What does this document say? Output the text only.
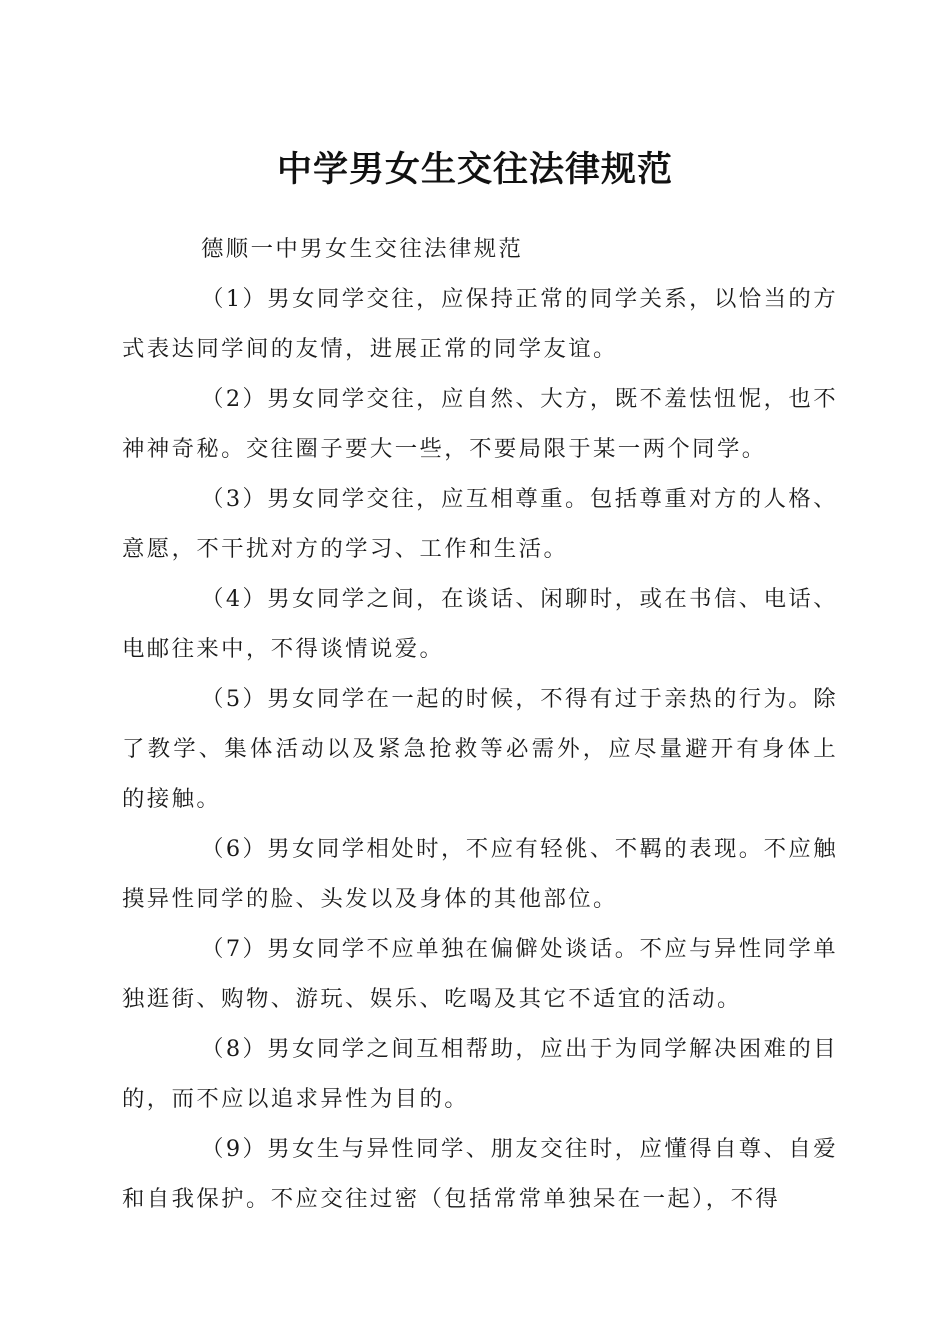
中学男女生交往法律规范

德顺一中男女生交往法律规范

（1）男女同学交往，应保持正常的同学关系，以恰当的方式表达同学间的友情，进展正常的同学友谊。

（2）男女同学交往，应自然、大方，既不羞怯忸怩，也不神神奇秘。交往圈子要大一些，不要局限于某一两个同学。

（3）男女同学交往，应互相尊重。包括尊重对方的人格、意愿，不干扰对方的学习、工作和生活。

（4）男女同学之间，在谈话、闲聊时，或在书信、电话、电邮往来中，不得谈情说爱。

（5）男女同学在一起的时候，不得有过于亲热的行为。除了教学、集体活动以及紧急抢救等必需外，应尽量避开有身体上的接触。

（6）男女同学相处时，不应有轻佻、不羁的表现。不应触摸异性同学的脸、头发以及身体的其他部位。

（7）男女同学不应单独在偏僻处谈话。不应与异性同学单独逛街、购物、游玩、娱乐、吃喝及其它不适宜的活动。

（8）男女同学之间互相帮助，应出于为同学解决困难的目的，而不应以追求异性为目的。

（9）男女生与异性同学、朋友交往时，应懂得自尊、自爱和自我保护。不应交往过密（包括常常单独呆在一起），不得
